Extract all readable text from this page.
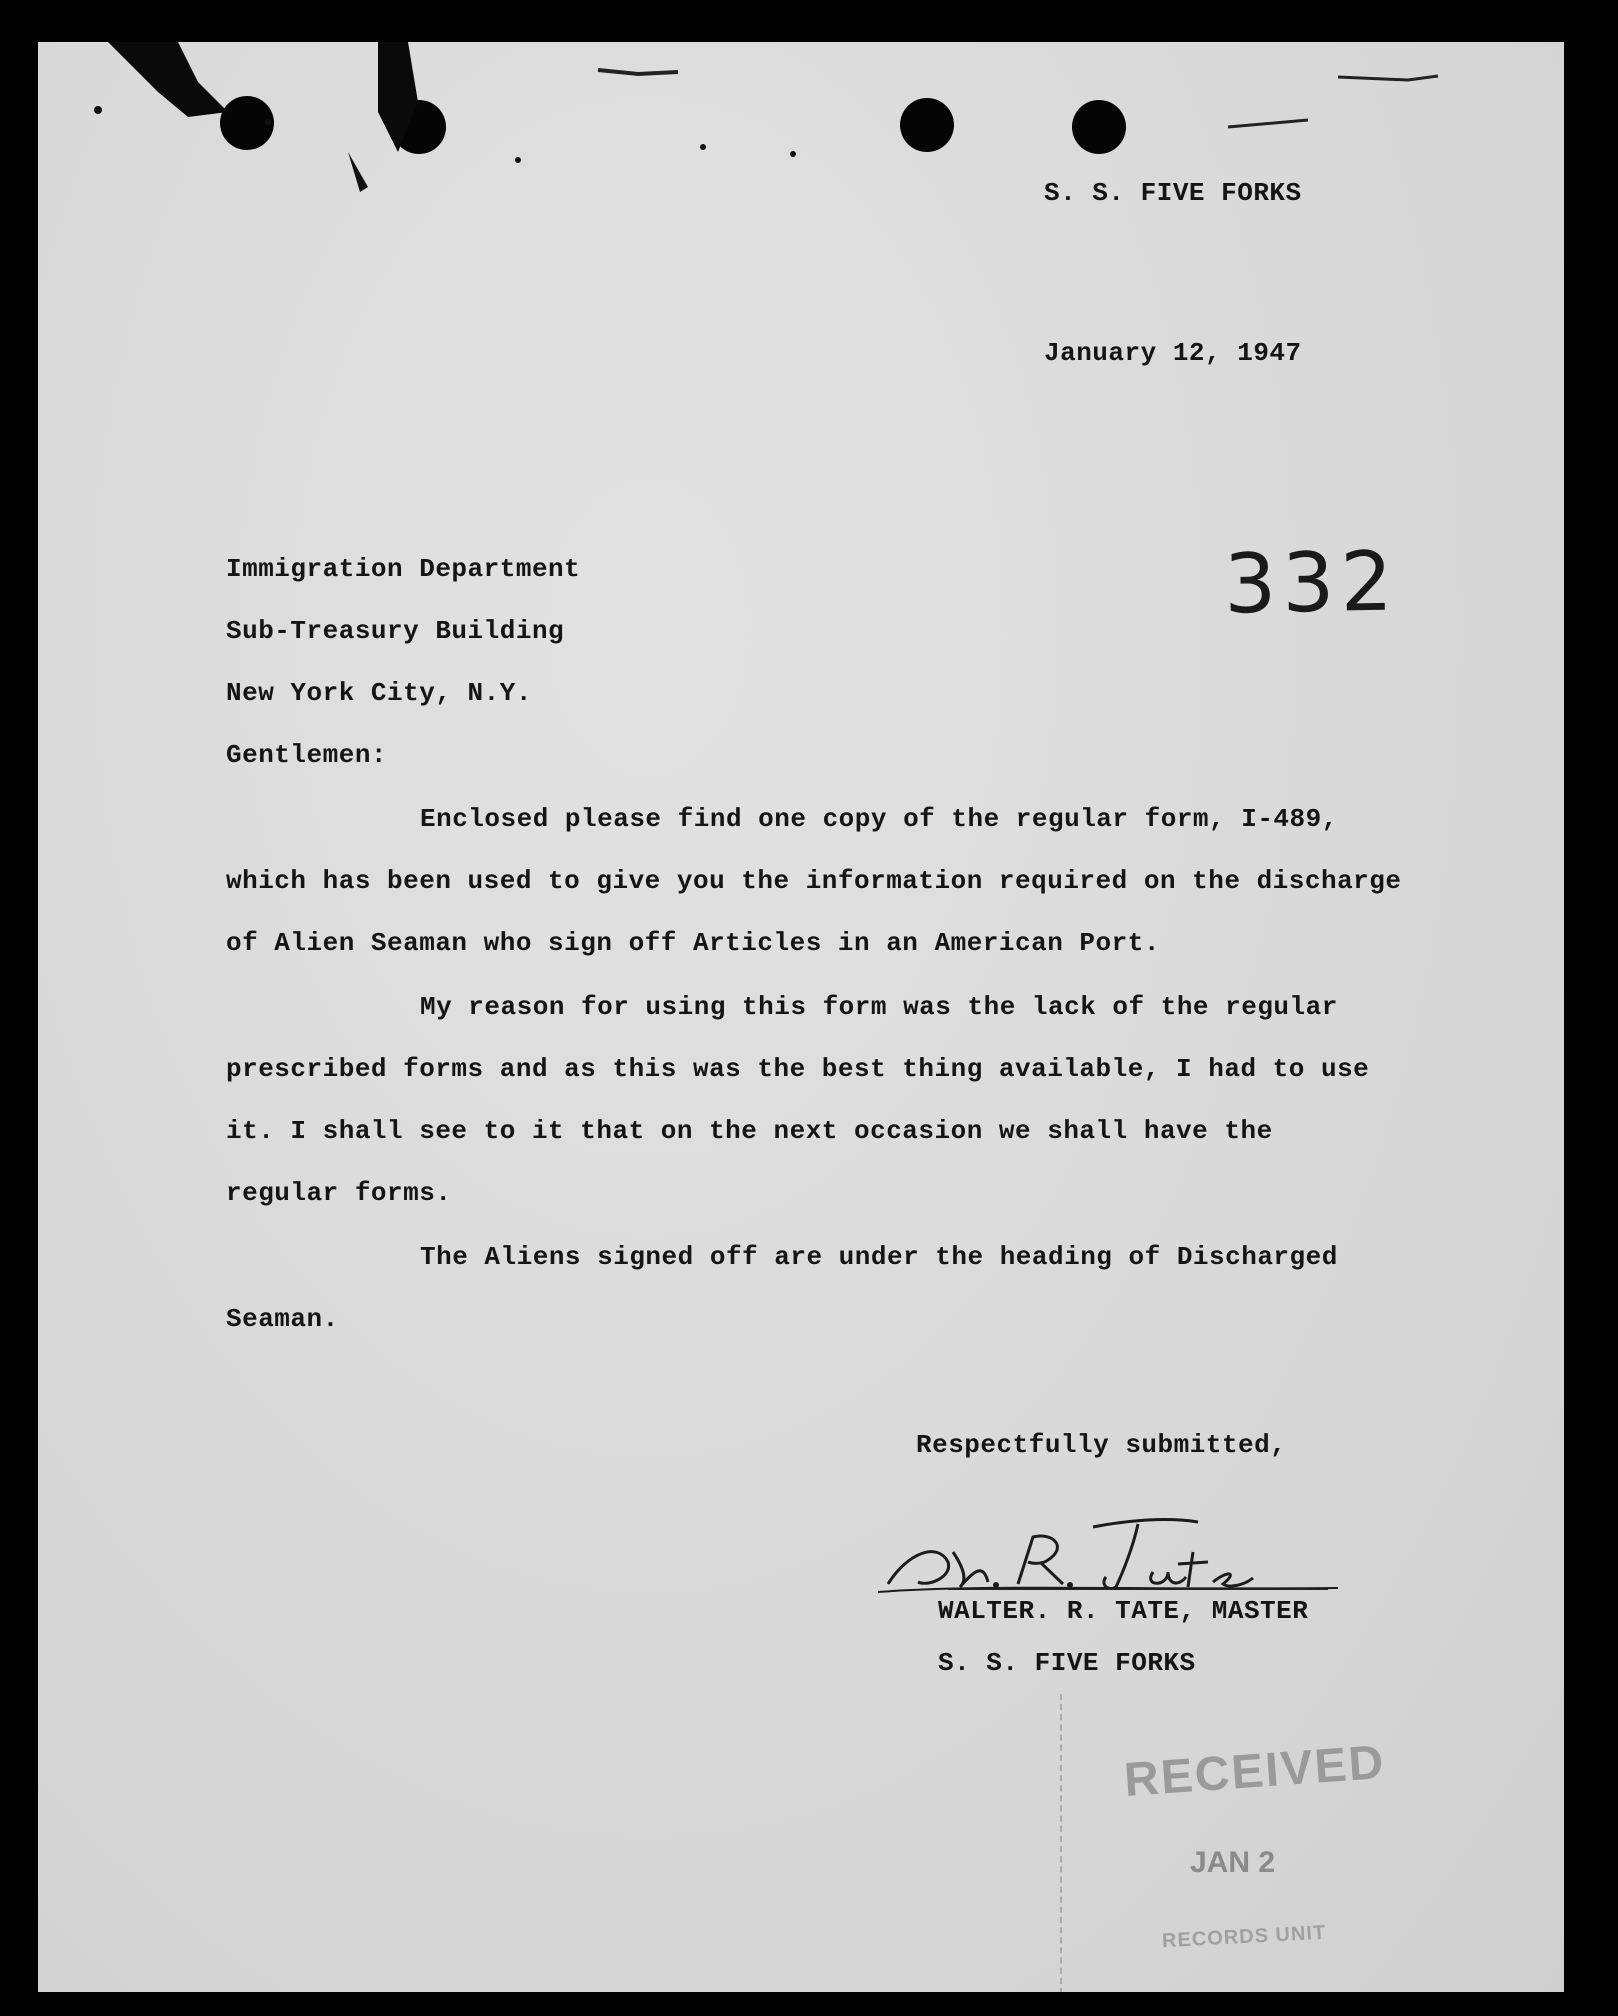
S. S. FIVE FORKS
January 12, 1947
332
Immigration Department
Sub-Treasury Building
New York City, N.Y.
Gentlemen:
Enclosed please find one copy of the regular form, I-489,
which has been used to give you the information required on the discharge
of Alien Seaman who sign off Articles in an American Port.
My reason for using this form was the lack of the regular
prescribed forms and as this was the best thing available, I had to use
it. I shall see to it that on the next occasion we shall have the
regular forms.
The Aliens signed off are under the heading of Discharged
Seaman.
Respectfully submitted,
WALTER. R. TATE, MASTER
S. S. FIVE FORKS
RECEIVED
JAN 2
RECORDS UNIT
